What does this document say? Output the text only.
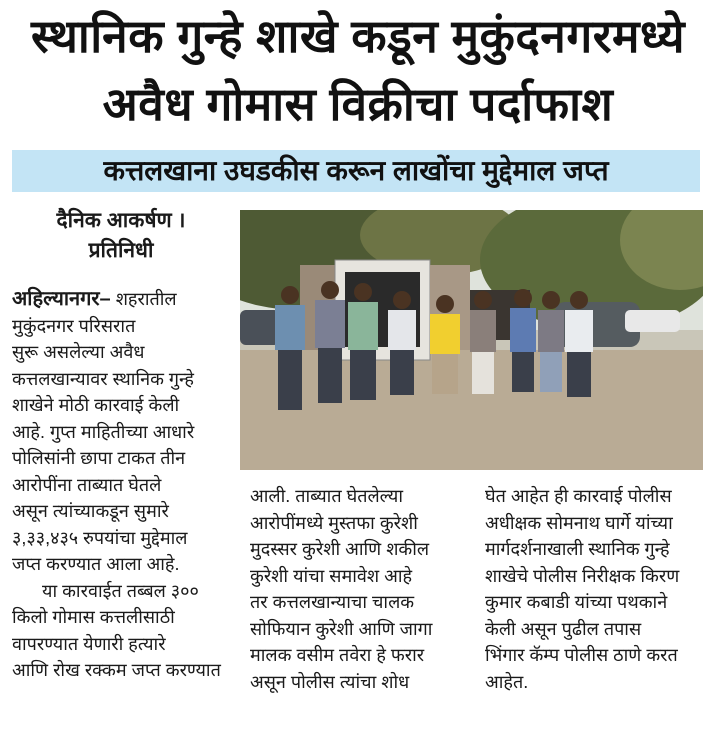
स्थानिक गुन्हे शाखे कडून मुकुंदनगरमध्ये
अवैध गोमास विक्रीचा पर्दाफाश
कत्तलखाना उघडकीस करून लाखोंचा मुद्देमाल जप्त
दैनिक आकर्षण ।
प्रतिनिधी
अहिल्यानगर– शहरातील
मुकुंदनगर परिसरात
सुरू असलेल्या अवैध
कत्तलखान्यावर स्थानिक गुन्हे
शाखेने मोठी कारवाई केली
आहे. गुप्त माहितीच्या आधारे
पोलिसांनी छापा टाकत तीन
आरोपींना ताब्यात घेतले
असून त्यांच्याकडून सुमारे
३,३३,४३५ रुपयांचा मुद्देमाल
जप्त करण्यात आला आहे.
या कारवाईत तब्बल ३००
किलो गोमास कत्तलीसाठी
वापरण्यात येणारी हत्यारे
आणि रोख रक्कम जप्त करण्यात
आली. ताब्यात घेतलेल्या
आरोपींमध्ये मुस्तफा कुरेशी
मुदस्सर कुरेशी आणि शकील
कुरेशी यांचा समावेश आहे
तर कत्तलखान्याचा चालक
सोफियान कुरेशी आणि जागा
मालक वसीम तवेरा हे फरार
असून पोलीस त्यांचा शोध
घेत आहेत ही कारवाई पोलीस
अधीक्षक सोमनाथ घार्गे यांच्या
मार्गदर्शनाखाली स्थानिक गुन्हे
शाखेचे पोलीस निरीक्षक किरण
कुमार कबाडी यांच्या पथकाने
केली असून पुढील तपास
भिंगार कॅम्प पोलीस ठाणे करत
आहेत.
